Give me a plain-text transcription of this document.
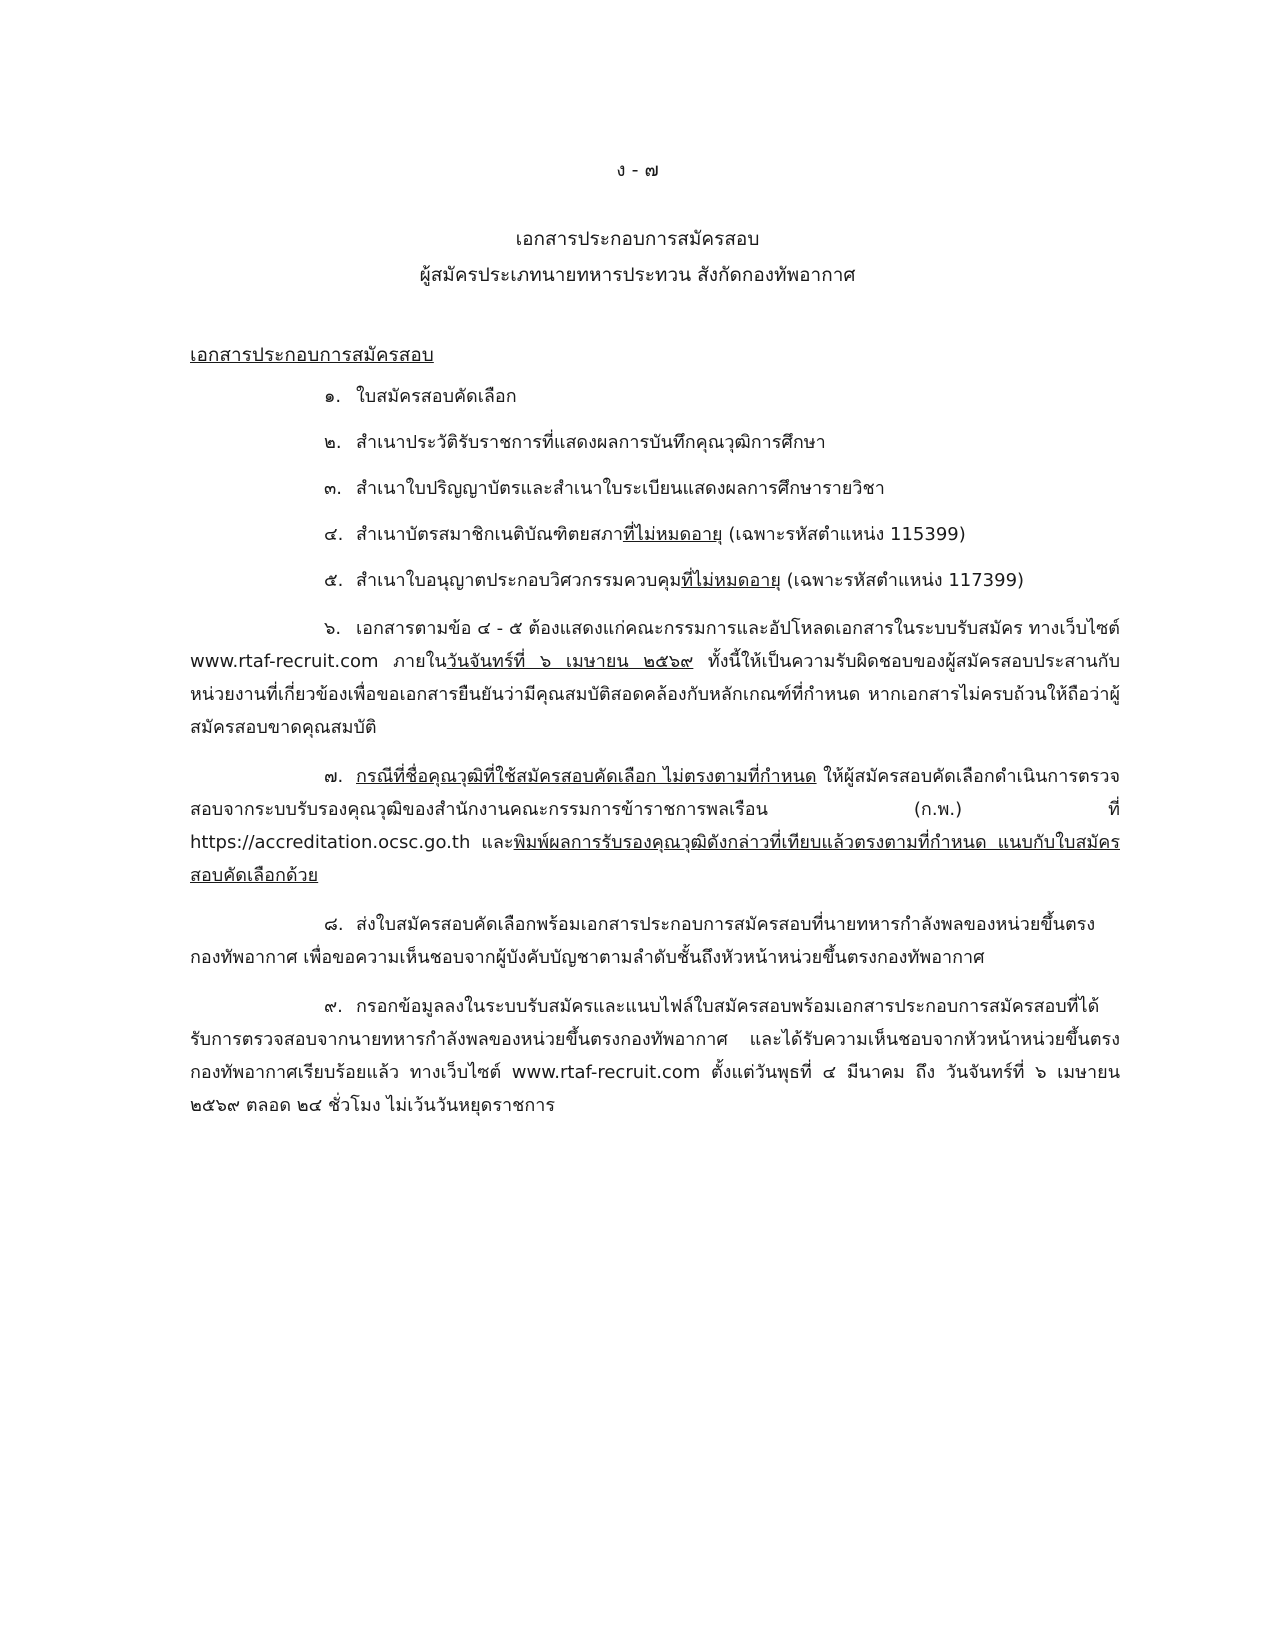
ง - ๗
เอกสารประกอบการสมัครสอบ
ผู้สมัครประเภทนายทหารประทวน สังกัดกองทัพอากาศ
เอกสารประกอบการสมัครสอบ
๑. ใบสมัครสอบคัดเลือก
๒. สำเนาประวัติรับราชการที่แสดงผลการบันทึกคุณวุฒิการศึกษา
๓. สำเนาใบปริญญาบัตรและสำเนาใบระเบียนแสดงผลการศึกษารายวิชา
๔. สำเนาบัตรสมาชิกเนติบัณฑิตยสภาที่ไม่หมดอายุ (เฉพาะรหัสตำแหน่ง 115399)
๕. สำเนาใบอนุญาตประกอบวิศวกรรมควบคุมที่ไม่หมดอายุ (เฉพาะรหัสตำแหน่ง 117399)

๖. เอกสารตามข้อ ๔ - ๕ ต้องแสดงแก่คณะกรรมการและอัปโหลดเอกสารในระบบรับสมัคร ทางเว็บไซต์ www.rtaf-recruit.com ภายในวันจันทร์ที่ ๖ เมษายน ๒๕๖๙ ทั้งนี้ให้เป็นความรับผิดชอบของผู้สมัครสอบประสานกับหน่วยงานที่เกี่ยวข้องเพื่อขอเอกสารยืนยันว่ามีคุณสมบัติสอดคล้องกับหลักเกณฑ์ที่กำหนด หากเอกสารไม่ครบถ้วนให้ถือว่าผู้สมัครสอบขาดคุณสมบัติ

๗. กรณีที่ชื่อคุณวุฒิที่ใช้สมัครสอบคัดเลือก ไม่ตรงตามที่กำหนด ให้ผู้สมัครสอบคัดเลือกดำเนินการตรวจสอบจากระบบรับรองคุณวุฒิของสำนักงานคณะกรรมการข้าราชการพลเรือน (ก.พ.) ที่ https://accreditation.ocsc.go.th และพิมพ์ผลการรับรองคุณวุฒิดังกล่าวที่เทียบแล้วตรงตามที่กำหนด แนบกับใบสมัครสอบคัดเลือกด้วย

๘. ส่งใบสมัครสอบคัดเลือกพร้อมเอกสารประกอบการสมัครสอบที่นายทหารกำลังพลของหน่วยขึ้นตรงกองทัพอากาศ เพื่อขอความเห็นชอบจากผู้บังคับบัญชาตามลำดับชั้นถึงหัวหน้าหน่วยขึ้นตรงกองทัพอากาศ

๙. กรอกข้อมูลลงในระบบรับสมัครและแนบไฟล์ใบสมัครสอบพร้อมเอกสารประกอบการสมัครสอบที่ได้รับการตรวจสอบจากนายทหารกำลังพลของหน่วยขึ้นตรงกองทัพอากาศ และได้รับความเห็นชอบจากหัวหน้าหน่วยขึ้นตรงกองทัพอากาศเรียบร้อยแล้ว ทางเว็บไซต์ www.rtaf-recruit.com ตั้งแต่วันพุธที่ ๔ มีนาคม ถึง วันจันทร์ที่ ๖ เมษายน ๒๕๖๙ ตลอด ๒๔ ชั่วโมง ไม่เว้นวันหยุดราชการ
